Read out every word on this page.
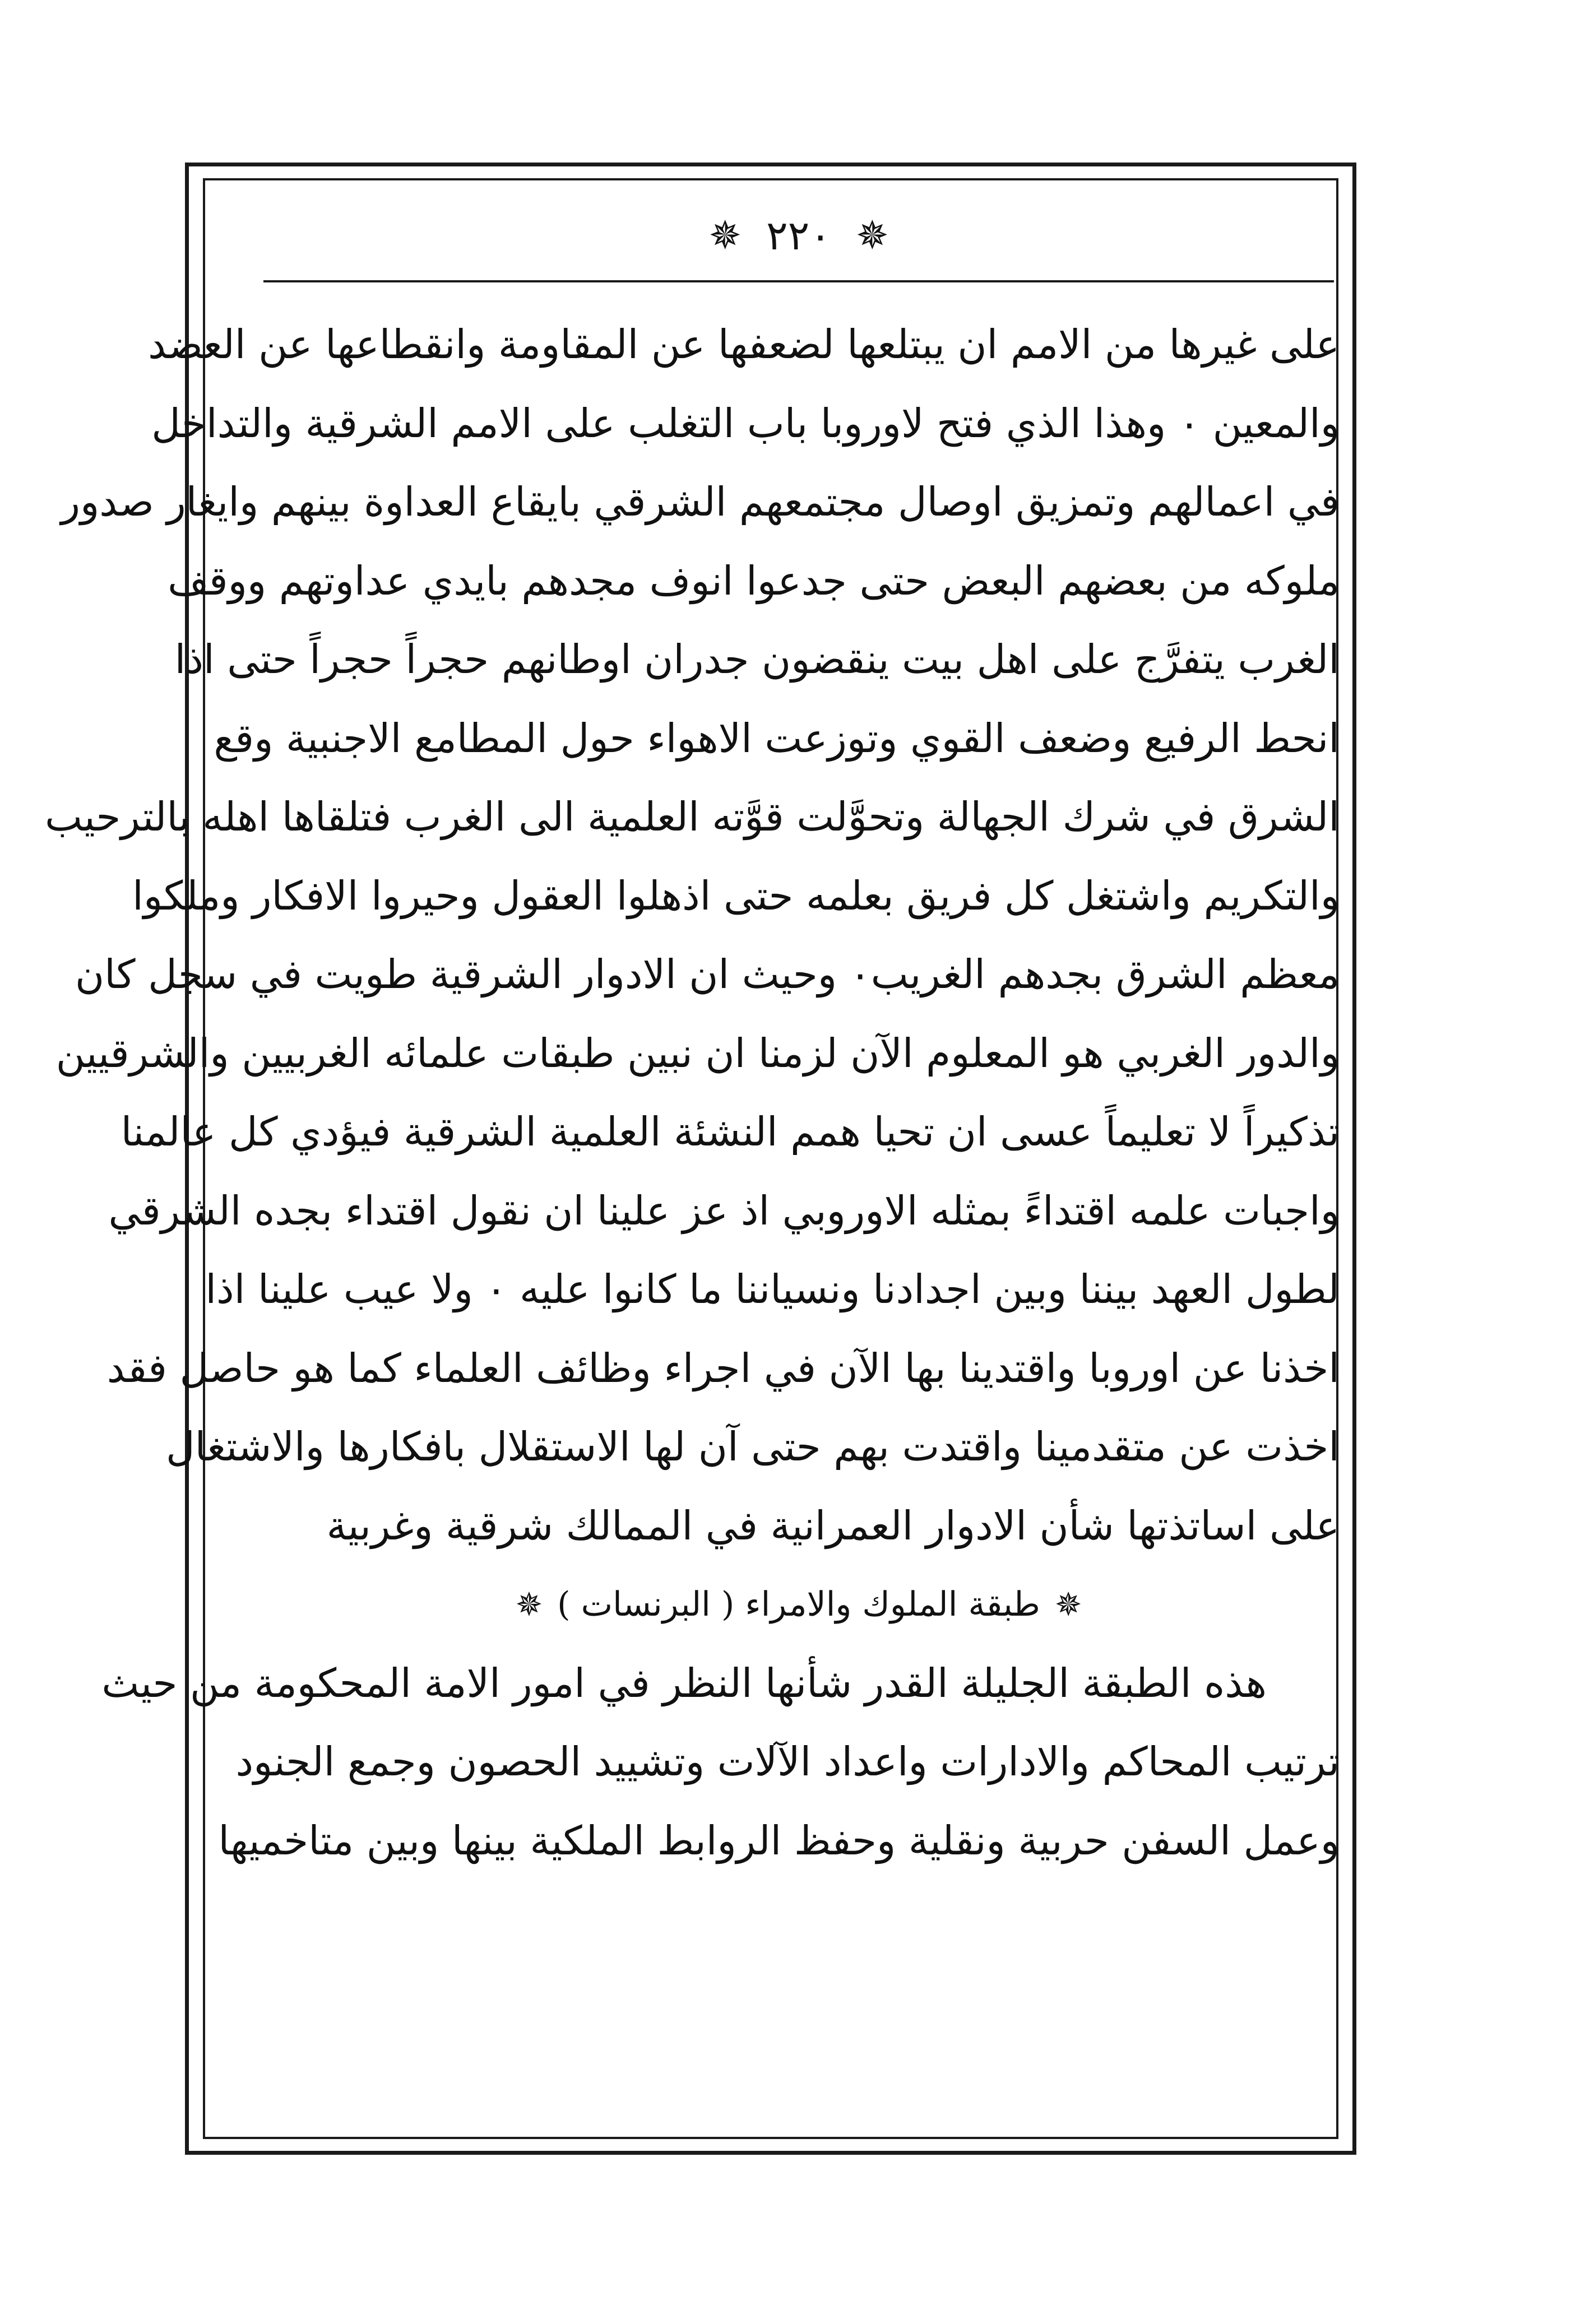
✵
٢٢٠
✵
على غيرها من الامم ان يبتلعها لضعفها عن المقاومة وانقطاعها عن العضد
والمعين ٠ وهذا الذي فتح لاوروبا باب التغلب على الامم الشرقية والتداخل
في اعمالهم وتمزيق اوصال مجتمعهم الشرقي بايقاع العداوة بينهم وايغار صدور
ملوكه من بعضهم البعض حتى جدعوا انوف مجدهم بايدي عداوتهم ووقف
الغرب يتفرَّج على اهل بيت ينقضون جدران اوطانهم حجراً حجراً حتى اذا
انحط الرفيع وضعف القوي وتوزعت الاهواء حول المطامع الاجنبية وقع
الشرق في شرك الجهالة وتحوَّلت قوَّته العلمية الى الغرب فتلقاها اهله بالترحيب
والتكريم واشتغل كل فريق بعلمه حتى اذهلوا العقول وحيروا الافكار وملكوا
معظم الشرق بجدهم الغريب٠ وحيث ان الادوار الشرقية طويت في سجل كان
والدور الغربي هو المعلوم الآن لزمنا ان نبين طبقات علمائه الغربيين والشرقيين
تذكيراً لا تعليماً عسى ان تحيا همم النشئة العلمية الشرقية فيؤدي كل عالمنا
واجبات علمه اقتداءً بمثله الاوروبي اذ عز علينا ان نقول اقتداء بجده الشرقي
لطول العهد بيننا وبين اجدادنا ونسياننا ما كانوا عليه ٠ ولا عيب علينا اذا
اخذنا عن اوروبا واقتدينا بها الآن في اجراء وظائف العلماء كما هو حاصل فقد
اخذت عن متقدمينا واقتدت بهم حتى آن لها الاستقلال بافكارها والاشتغال
على اساتذتها شأن الادوار العمرانية في الممالك شرقية وغربية
✵
طبقة الملوك والامراء ( البرنسات )
✵
هذه الطبقة الجليلة القدر شأنها النظر في امور الامة المحكومة من حيث
ترتيب المحاكم والادارات واعداد الآلات وتشييد الحصون وجمع الجنود
وعمل السفن حربية ونقلية وحفظ الروابط الملكية بينها وبين متاخميها
